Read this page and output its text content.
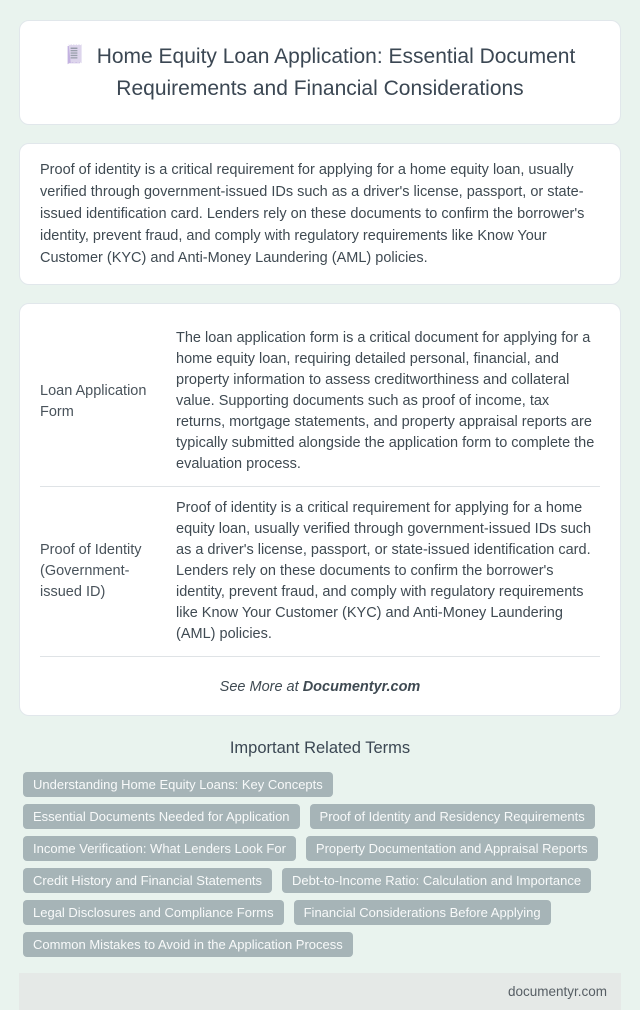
Home Equity Loan Application: Essential Document Requirements and Financial Considerations
Proof of identity is a critical requirement for applying for a home equity loan, usually verified through government-issued IDs such as a driver's license, passport, or state-issued identification card. Lenders rely on these documents to confirm the borrower's identity, prevent fraud, and comply with regulatory requirements like Know Your Customer (KYC) and Anti-Money Laundering (AML) policies.
Loan Application Form	The loan application form is a critical document for applying for a home equity loan, requiring detailed personal, financial, and property information to assess creditworthiness and collateral value. Supporting documents such as proof of income, tax returns, mortgage statements, and property appraisal reports are typically submitted alongside the application form to complete the evaluation process.
Proof of Identity (Government-issued ID)	Proof of identity is a critical requirement for applying for a home equity loan, usually verified through government-issued IDs such as a driver's license, passport, or state-issued identification card. Lenders rely on these documents to confirm the borrower's identity, prevent fraud, and comply with regulatory requirements like Know Your Customer (KYC) and Anti-Money Laundering (AML) policies.
See More at Documentyr.com
Important Related Terms
Understanding Home Equity Loans: Key Concepts
Essential Documents Needed for Application	Proof of Identity and Residency Requirements
Income Verification: What Lenders Look For	Property Documentation and Appraisal Reports
Credit History and Financial Statements	Debt-to-Income Ratio: Calculation and Importance
Legal Disclosures and Compliance Forms	Financial Considerations Before Applying
Common Mistakes to Avoid in the Application Process
documentyr.com
